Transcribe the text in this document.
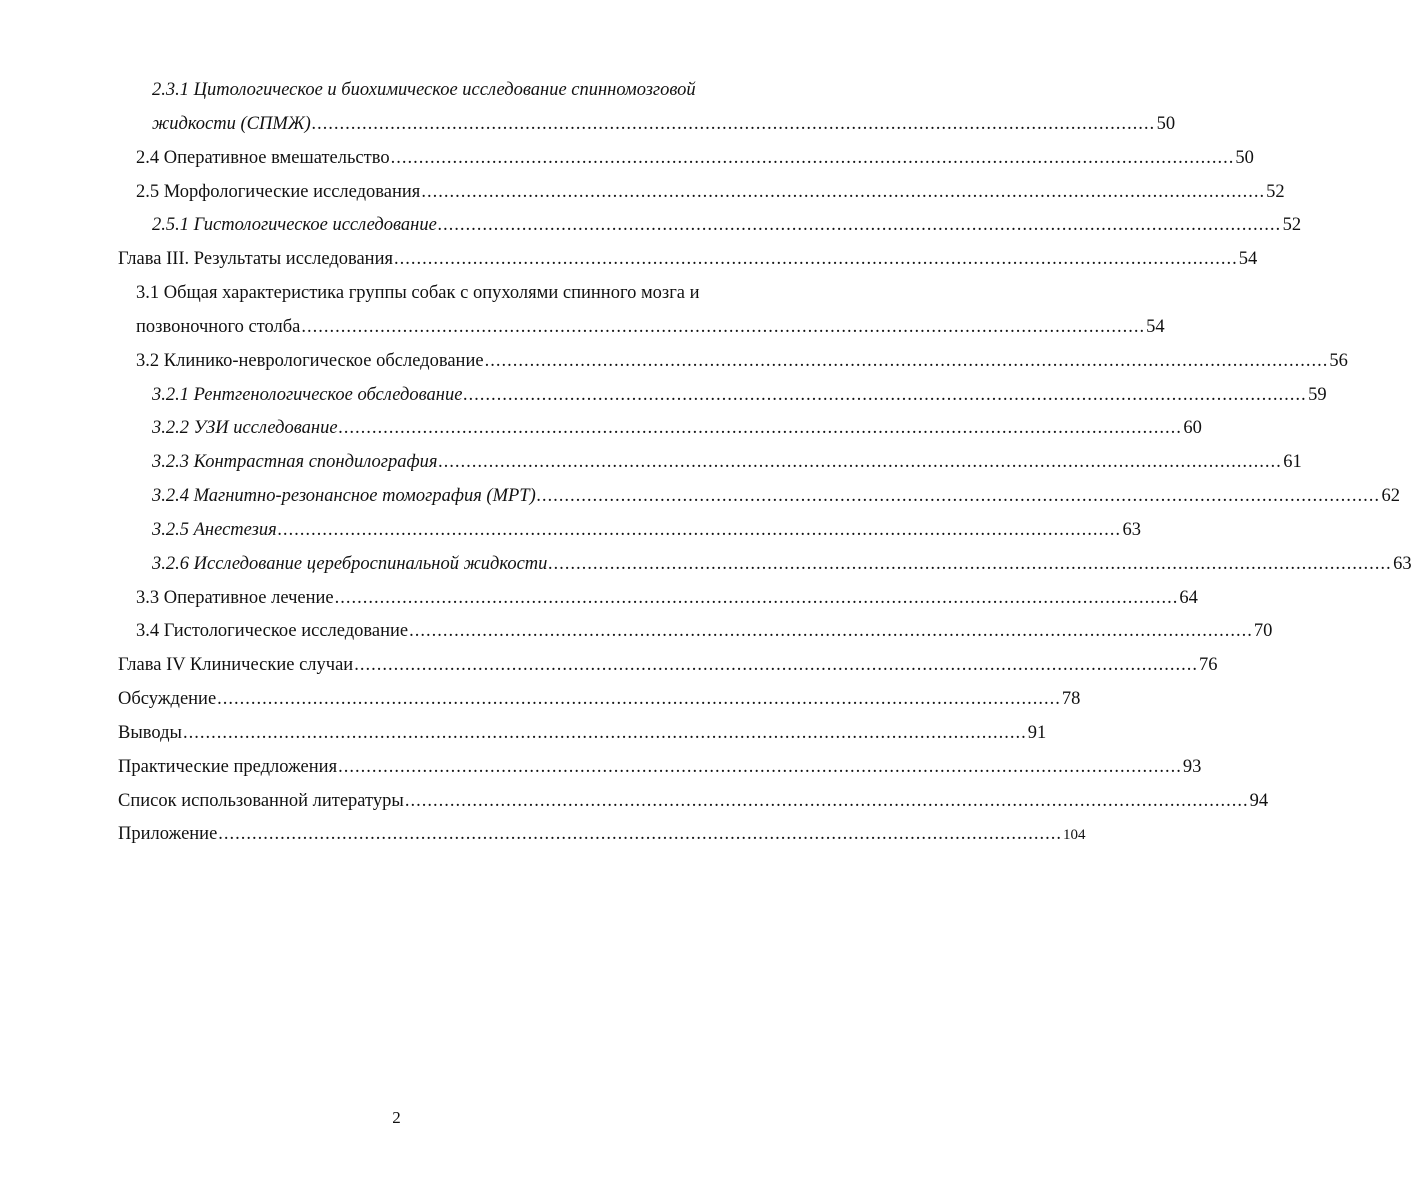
2.3.1 Цитологическое и биохимическое исследование спинномозговой
жидкости (СПМЖ) ...................................................................................................................................................... 50
2.4 Оперативное вмешательство ...................................................................................................................................................... 50
2.5 Морфологические исследования ...................................................................................................................................................... 52
2.5.1 Гистологическое исследование ...................................................................................................................................................... 52
Глава III. Результаты исследования ...................................................................................................................................................... 54
3.1 Общая характеристика группы собак с опухолями спинного мозга и
позвоночного столба ...................................................................................................................................................... 54
3.2 Клинико-неврологическое обследование ...................................................................................................................................................... 56
3.2.1 Рентгенологическое обследование ...................................................................................................................................................... 59
3.2.2 УЗИ исследование ...................................................................................................................................................... 60
3.2.3 Контрастная спондилография ...................................................................................................................................................... 61
3.2.4 Магнитно-резонансное томография (МРТ) ...................................................................................................................................................... 62
3.2.5 Анестезия ...................................................................................................................................................... 63
3.2.6 Исследование цереброспинальной жидкости ...................................................................................................................................................... 63
3.3 Оперативное лечение ...................................................................................................................................................... 64
3.4 Гистологическое исследование ...................................................................................................................................................... 70
Глава IV Клинические случаи ...................................................................................................................................................... 76
Обсуждение ...................................................................................................................................................... 78
Выводы ...................................................................................................................................................... 91
Практические предложения ...................................................................................................................................................... 93
Список использованной литературы ...................................................................................................................................................... 94
Приложение ...................................................................................................................................................... 104
2
